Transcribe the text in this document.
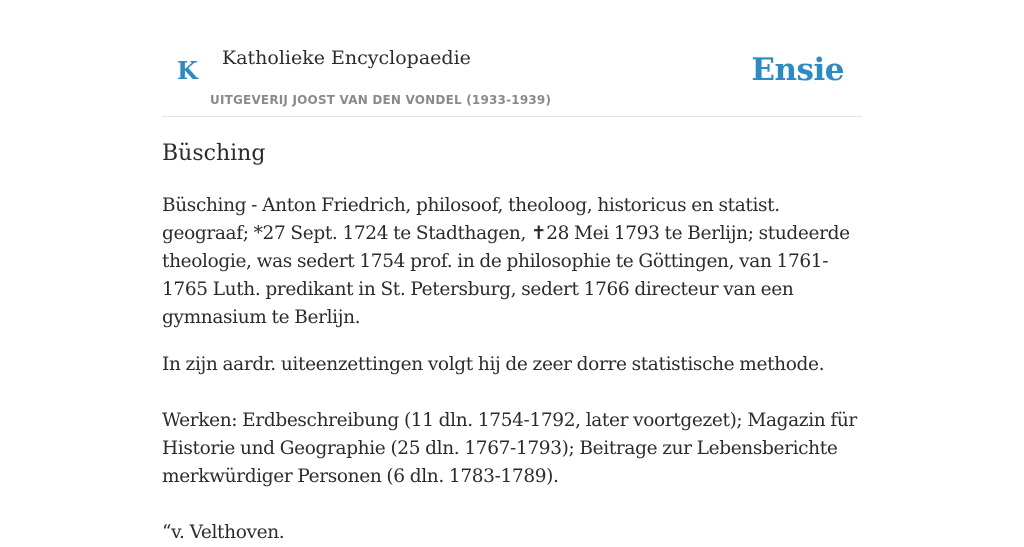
K Katholieke Encyclopaedie
UITGEVERIJ JOOST VAN DEN VONDEL (1933-1939)
Ensie
Büsching

Büsching - Anton Friedrich, philosoof, theoloog, historicus en statist. geograaf; *27 Sept. 1724 te Stadthagen, ✝28 Mei 1793 te Berlijn; studeerde theologie, was sedert 1754 prof. in de philosophie te Göttingen, van 1761-1765 Luth. predikant in St. Petersburg, sedert 1766 directeur van een gymnasium te Berlijn.

In zijn aardr. uiteenzettingen volgt hij de zeer dorre statistische methode.

Werken: Erdbeschreibung (11 dln. 1754-1792, later voortgezet); Magazin für Historie und Geographie (25 dln. 1767-1793); Beitrage zur Lebensberichte merkwürdiger Personen (6 dln. 1783-1789).

“v. Velthoven.
